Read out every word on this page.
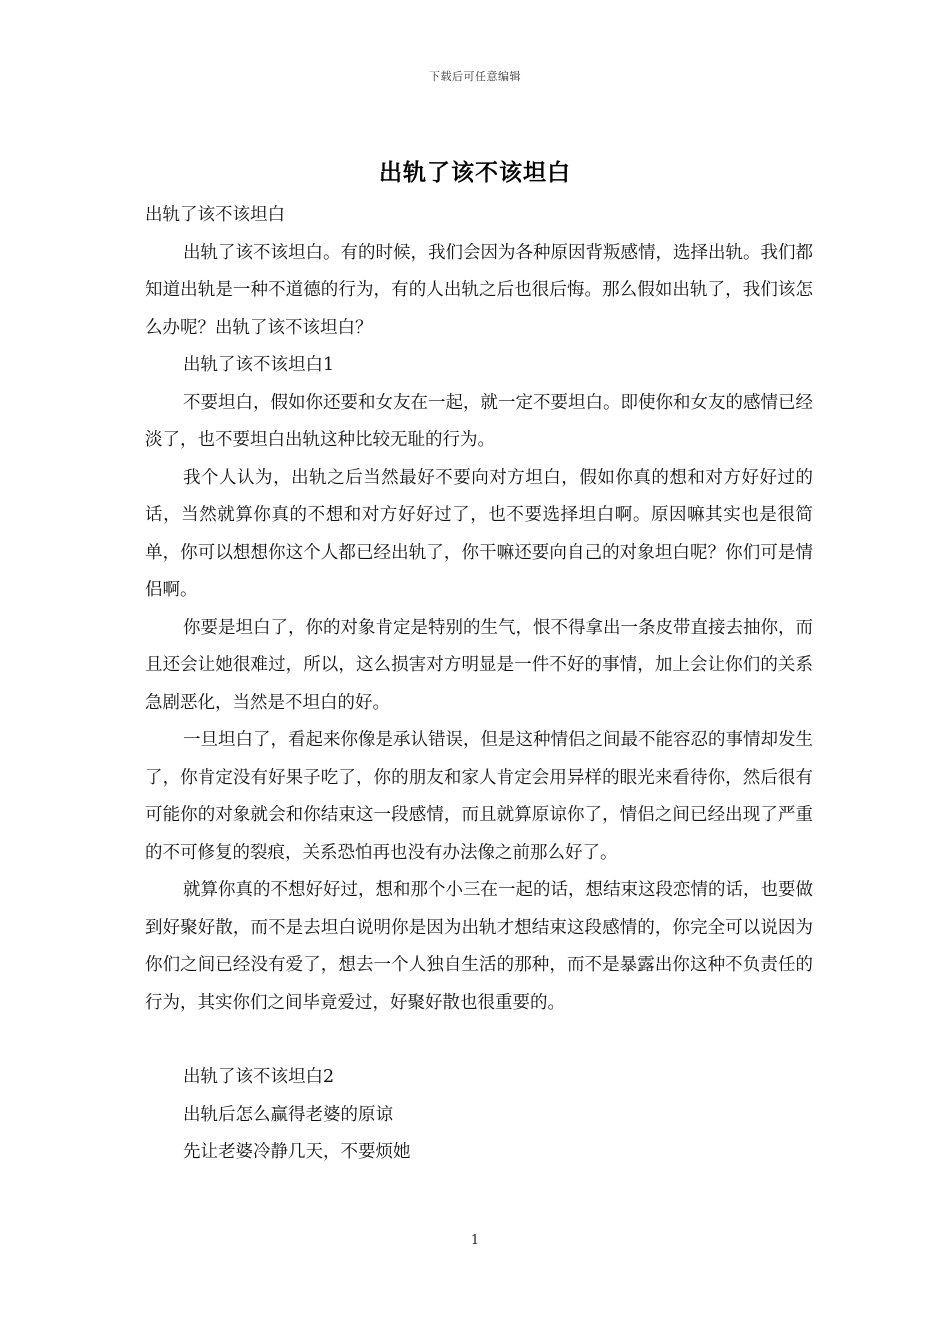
下载后可任意编辑
出轨了该不该坦白

出轨了该不该坦白

出轨了该不该坦白。有的时候，我们会因为各种原因背叛感情，选择出轨。我们都知道出轨是一种不道德的行为，有的人出轨之后也很后悔。那么假如出轨了，我们该怎么办呢？出轨了该不该坦白？

出轨了该不该坦白1

不要坦白，假如你还要和女友在一起，就一定不要坦白。即使你和女友的感情已经淡了，也不要坦白出轨这种比较无耻的行为。

我个人认为，出轨之后当然最好不要向对方坦白，假如你真的想和对方好好过的话，当然就算你真的不想和对方好好过了，也不要选择坦白啊。原因嘛其实也是很简单，你可以想想你这个人都已经出轨了，你干嘛还要向自己的对象坦白呢？你们可是情侣啊。

你要是坦白了，你的对象肯定是特别的生气，恨不得拿出一条皮带直接去抽你，而且还会让她很难过，所以，这么损害对方明显是一件不好的事情，加上会让你们的关系急剧恶化，当然是不坦白的好。

一旦坦白了，看起来你像是承认错误，但是这种情侣之间最不能容忍的事情却发生了，你肯定没有好果子吃了，你的朋友和家人肯定会用异样的眼光来看待你，然后很有可能你的对象就会和你结束这一段感情，而且就算原谅你了，情侣之间已经出现了严重的不可修复的裂痕，关系恐怕再也没有办法像之前那么好了。

就算你真的不想好好过，想和那个小三在一起的话，想结束这段恋情的话，也要做到好聚好散，而不是去坦白说明你是因为出轨才想结束这段感情的，你完全可以说因为你们之间已经没有爱了，想去一个人独自生活的那种，而不是暴露出你这种不负责任的行为，其实你们之间毕竟爱过，好聚好散也很重要的。

出轨了该不该坦白2

出轨后怎么赢得老婆的原谅

先让老婆冷静几天，不要烦她

1
